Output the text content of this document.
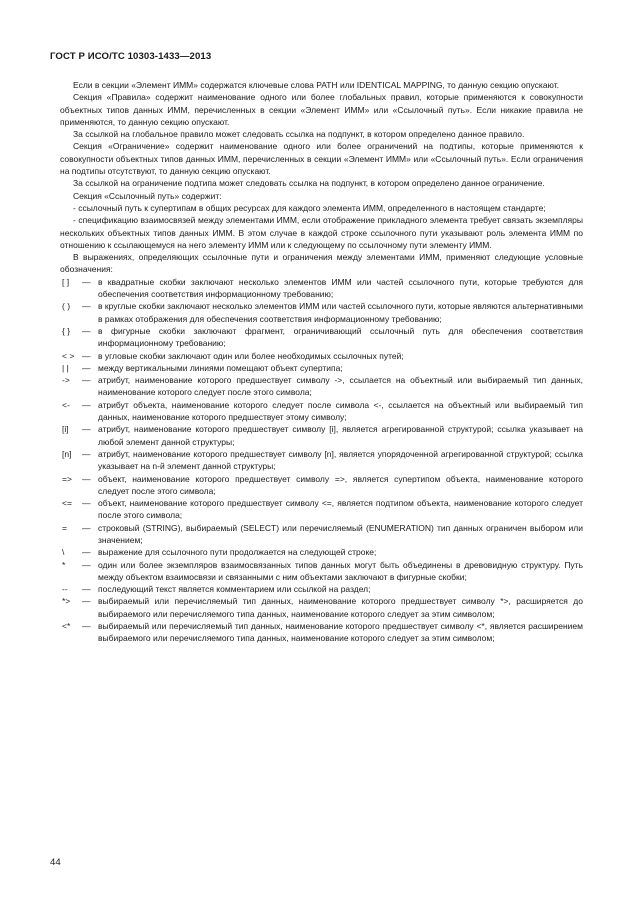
ГОСТ Р ИСО/ТС 10303-1433—2013

Если в секции «Элемент ИММ» содержатся ключевые слова PATH или IDENTICAL MAPPING, то данную секцию опускают.

Секция «Правила» содержит наименование одного или более глобальных правил, которые применяются к совокупности объектных типов данных ИММ, перечисленных в секции «Элемент ИММ» или «Ссылочный путь». Если никакие правила не применяются, то данную секцию опускают.

За ссылкой на глобальное правило может следовать ссылка на подпункт, в котором определено данное правило.

Секция «Ограничение» содержит наименование одного или более ограничений на подтипы, которые применяются к совокупности объектных типов данных ИММ, перечисленных в секции «Элемент ИММ» или «Ссылочный путь». Если ограничения на подтипы отсутствуют, то данную секцию опускают.

За ссылкой на ограничение подтипа может следовать ссылка на подпункт, в котором определено данное ограничение.

Секция «Ссылочный путь» содержит:

- ссылочный путь к супертипам в общих ресурсах для каждого элемента ИММ, определенного в настоящем стандарте;

- спецификацию взаимосвязей между элементами ИММ, если отображение прикладного элемента требует связать экземпляры нескольких объектных типов данных ИММ. В этом случае в каждой строке ссылочного пути указывают роль элемента ИММ по отношению к ссылающемуся на него элементу ИММ или к следующему по ссылочному пути элементу ИММ.

В выражениях, определяющих ссылочные пути и ограничения между элементами ИММ, применяют следующие условные обозначения:

[ ]	— в квадратные скобки заключают несколько элементов ИММ или частей ссылочного пути, которые требуются для обеспечения соответствия информационному требованию;
( )	— в круглые скобки заключают несколько элементов ИММ или частей ссылочного пути, которые являются альтернативными в рамках отображения для обеспечения соответствия информационному требованию;
{ }	— в фигурные скобки заключают фрагмент, ограничивающий ссылочный путь для обеспечения соответствия информационному требованию;
< > — в угловые скобки заключают один или более необходимых ссылочных путей;
| |	— между вертикальными линиями помещают объект супертипа;
->	— атрибут, наименование которого предшествует символу ->, ссылается на объектный или выбираемый тип данных, наименование которого следует после этого символа;
<-	— атрибут объекта, наименование которого следует после символа <-, ссылается на объектный или выбираемый тип данных, наименование которого предшествует этому символу;
[i]	— атрибут, наименование которого предшествует символу [i], является агрегированной структурой; ссылка указывает на любой элемент данной структуры;
[n]	— атрибут, наименование которого предшествует символу [n], является упорядоченной агрегированной структурой; ссылка указывает на n-й элемент данной структуры;
=>	— объект, наименование которого предшествует символу =>, является супертипом объекта, наименование которого следует после этого символа;
<=	— объект, наименование которого предшествует символу <=, является подтипом объекта, наименование которого следует после этого символа;
=	— строковый (STRING), выбираемый (SELECT) или перечисляемый (ENUMERATION) тип данных ограничен выбором или значением;
\	— выражение для ссылочного пути продолжается на следующей строке;
*	— один или более экземпляров взаимосвязанных типов данных могут быть объединены в древовидную структуру. Путь между объектом взаимосвязи и связанными с ним объектами заключают в фигурные скобки;
--	— последующий текст является комментарием или ссылкой на раздел;
*>	— выбираемый или перечисляемый тип данных, наименование которого предшествует символу *>, расширяется до выбираемого или перечисляемого типа данных, наименование которого следует за этим символом;
<*	— выбираемый или перечисляемый тип данных, наименование которого предшествует символу <*, является расширением выбираемого или перечисляемого типа данных, наименование которого следует за этим символом;
44
